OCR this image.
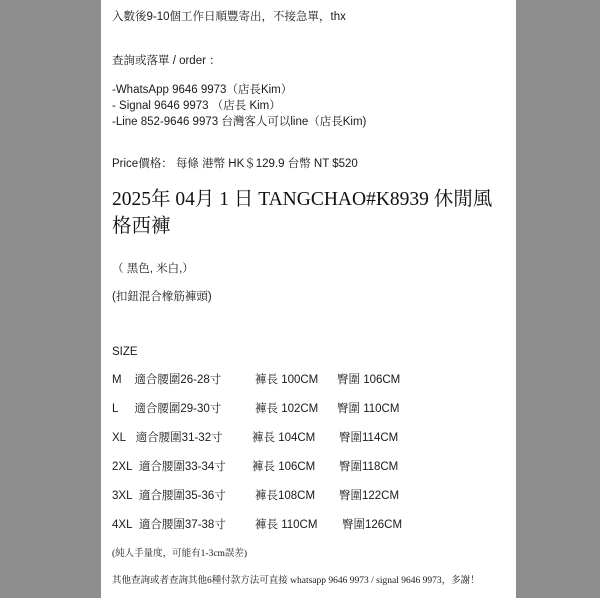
入數後9-10個工作日順豐寄出，不接急單，thx
查詢或落單 / order ：
-WhatsApp 9646 9973（店長Kim）
- Signal 9646 9973 （店長 Kim）
-Line 852-9646 9973 台灣客人可以line（店長Kim)
Price價格： 每條 港幣 HK＄129.9 台幣 NT $520
2025年 04月 1 日 TANGCHAO#K8939 休閒風格西褲
（ 黑色, 米白,）
(扣鈕混合橡筋褲頭)
SIZE
M 適合腰圍26-28寸	褲長 100CM 臀圍 106CM
L 適合腰圍29-30寸	褲長 102CM 臀圍 110CM
XL 適合腰圍31-32寸	褲長 104CM 臀圍114CM
2XL 適合腰圍33-34寸 褲長 106CM 臀圍118CM
3XL 適合腰圍35-36寸	褲長108CM 臀圍122CM
4XL 適合腰圍37-38寸	褲長 110CM 臀圍126CM
(純人手量度，可能有1-3cm誤差)
其他查詢或者查詢其他6種付款方法可直接 whatsapp 9646 9973 / signal 9646 9973，多謝！
